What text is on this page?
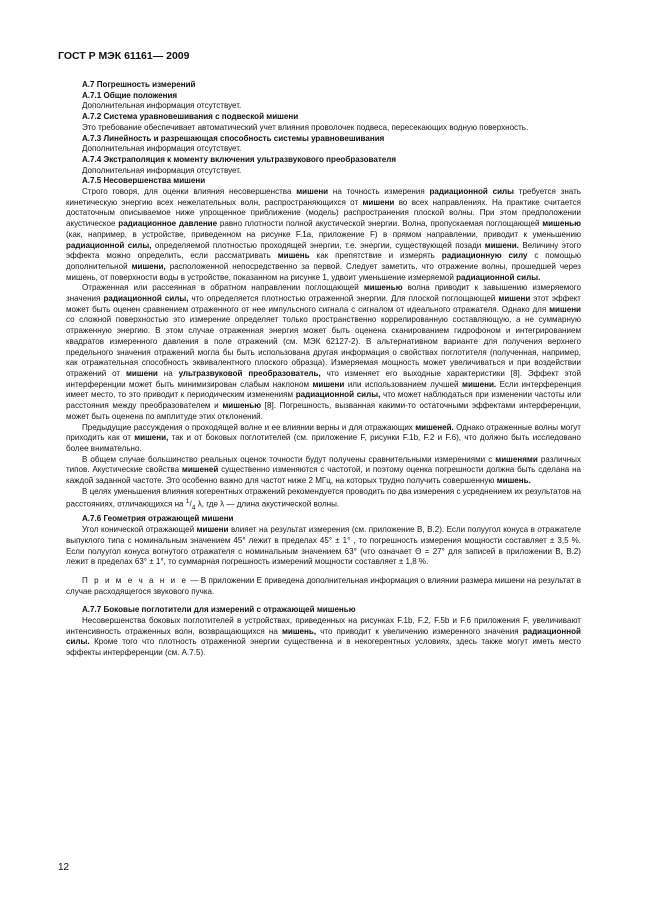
ГОСТ Р МЭК 61161— 2009
А.7 Погрешность измерений
А.7.1 Общие положения
Дополнительная информация отсутствует.
А.7.2 Система уравновешивания с подвеской мишени
Это требование обеспечивает автоматический учет влияния проволочек подвеса, пересекающих водную поверхность.
А.7.3 Линейность и разрешающая способность системы уравновешивания
Дополнительная информация отсутствует.
А.7.4 Экстраполяция к моменту включения ультразвукового преобразователя
Дополнительная информация отсутствует.
А.7.5 Несовершенства мишени
Строго говоря, для оценки влияния несовершенства мишени на точность измерения радиационной силы требуется знать кинетическую энергию всех нежелательных волн, распространяющихся от мишени во всех направлениях. На практике считается достаточным описываемое ниже упрощенное приближение (модель) распространения плоской волны. При этом предположении акустическое радиационное давление равно плотности полной акустической энергии. Волна, пропускаемая поглощающей мишенью (как, например, в устройстве, приведенном на рисунке F.1a, приложение F) в прямом направлении, приводит к уменьшению радиационной силы, определяемой плотностью проходящей энергии, т.е. энергии, существующей позади мишени. Величину этого эффекта можно определить, если рассматривать мишень как препятствие и измерять радиационную силу с помощью дополнительной мишени, расположенной непосредственно за первой. Следует заметить, что отражение волны, прошедшей через мишень, от поверхности воды в устройстве, показанном на рисунке 1, удвоит уменьшение измеряемой радиационной силы.
Отраженная или рассеянная в обратном направлении поглощающей мишенью волна приводит к завышению измеряемого значения радиационной силы, что определяется плотностью отраженной энергии. Для плоской поглощающей мишени этот эффект может быть оценен сравнением отраженного от нее импульсного сигнала с сигналом от идеального отражателя. Однако для мишени со сложной поверхностью это измерение определяет только пространственно коррелированную составляющую, а не суммарную отраженную энергию. В этом случае отраженная энергия может быть оценена сканированием гидрофоном и интегрированием квадратов измеренного давления в поле отражений (см. МЭК 62127-2). В альтернативном варианте для получения верхнего предельного значения отражений могла бы быть использована другая информация о свойствах поглотителя (полученная, например, как отражательная способность эквивалентного плоского образца). Измеряемая мощность может увеличиваться и при воздействии отражений от мишени на ультразвуковой преобразователь, что изменяет его выходные характеристики [8]. Эффект этой интерференции может быть минимизирован слабым наклоном мишени или использованием лучшей мишени. Если интерференция имеет место, то это приводит к периодическим изменениям радиационной силы, что может наблюдаться при изменении частоты или расстояния между преобразователем и мишенью [8]. Погрешность, вызванная какими-то остаточными эффектами интерференции, может быть оценена по амплитуде этих отклонений.
Предыдущие рассуждения о проходящей волне и ее влиянии верны и для отражающих мишеней. Однако отраженные волны могут приходить как от мишени, так и от боковых поглотителей (см. приложение F, рисунки F.1b, F.2 и F.6), что должно быть исследовано более внимательно.
В общем случае большинство реальных оценок точности будут получены сравнительными измерениями с мишенями различных типов. Акустические свойства мишеней существенно изменяются с частотой, и поэтому оценка погрешности должна быть сделана на каждой заданной частоте. Это особенно важно для частот ниже 2 МГц, на которых трудно получить совершенную мишень.
В целях уменьшения влияния когерентных отражений рекомендуется проводить по два измерения с усреднением их результатов на расстояниях, отличающихся на $^1/_4$ λ, где λ — длина акустической волны.
А.7.6 Геометрия отражающей мишени
Угол конической отражающей мишени влияет на результат измерения (см. приложение В, В.2). Если полуугол конуса в отражателе выпуклого типа с номинальным значением 45° лежит в пределах 45° ± 1° , то погрешность измерения мощности составляет ± 3,5 %. Если полуугол конуса вогнутого отражателя с номинальным значением 63° (что означает Θ = 27° для записей в приложении В, В.2) лежит в пределах 63° ± 1°, то суммарная погрешность измерений мощности составляет ± 1,8 %.
П р и м е ч а н и е — В приложении Е приведена дополнительная информация о влиянии размера мишени на результат в случае расходящегося звукового пучка.
А.7.7 Боковые поглотители для измерений с отражающей мишенью
Несовершенства боковых поглотителей в устройствах, приведенных на рисунках F.1b, F.2, F.5b и F.6 приложения F, увеличивают интенсивность отраженных волн, возвращающихся на мишень, что приводит к увеличению измеренного значения радиационной силы. Кроме того что плотность отраженной энергии существенна и в некогерентных условиях, здесь также могут иметь место эффекты интерференции (см. А.7.5).
12
